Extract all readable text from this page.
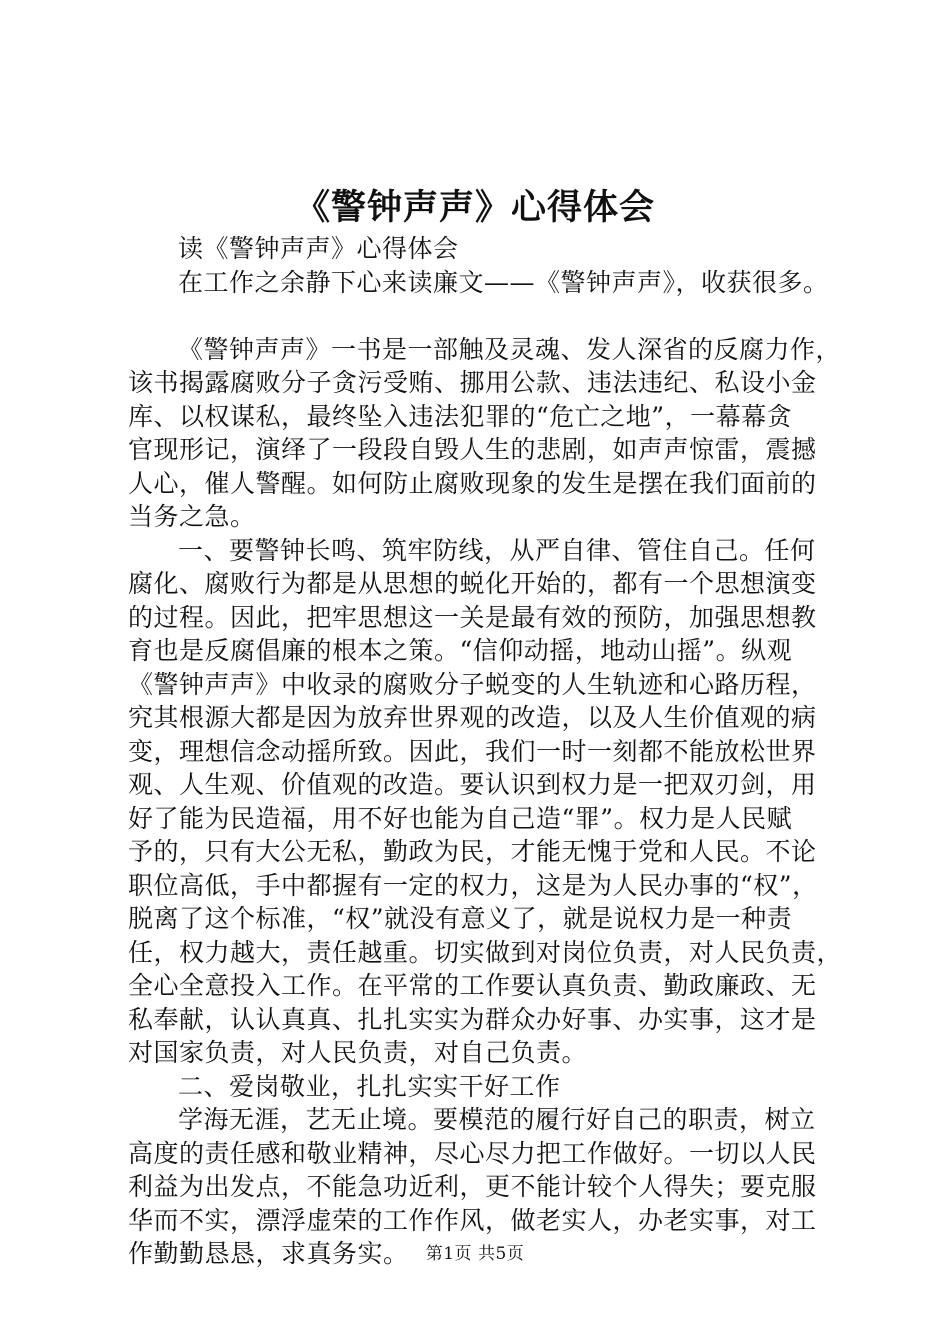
《警钟声声》心得体会
读《警钟声声》心得体会
在工作之余静下心来读廉文——《警钟声声》，收获很多。
《警钟声声》一书是一部触及灵魂、发人深省的反腐力作，
该书揭露腐败分子贪污受贿、挪用公款、违法违纪、私设小金
库、以权谋私，最终坠入违法犯罪的“危亡之地”，一幕幕贪
官现形记，演绎了一段段自毁人生的悲剧，如声声惊雷，震撼
人心，催人警醒。如何防止腐败现象的发生是摆在我们面前的
当务之急。
一、要警钟长鸣、筑牢防线，从严自律、管住自己。任何
腐化、腐败行为都是从思想的蜕化开始的，都有一个思想演变
的过程。因此，把牢思想这一关是最有效的预防，加强思想教
育也是反腐倡廉的根本之策。“信仰动摇，地动山摇”。纵观
《警钟声声》中收录的腐败分子蜕变的人生轨迹和心路历程，
究其根源大都是因为放弃世界观的改造，以及人生价值观的病
变，理想信念动摇所致。因此，我们一时一刻都不能放松世界
观、人生观、价值观的改造。要认识到权力是一把双刃剑，用
好了能为民造福，用不好也能为自己造“罪”。权力是人民赋
予的，只有大公无私，勤政为民，才能无愧于党和人民。不论
职位高低，手中都握有一定的权力，这是为人民办事的“权”，
脱离了这个标准，“权”就没有意义了，就是说权力是一种责
任，权力越大，责任越重。切实做到对岗位负责，对人民负责，
全心全意投入工作。在平常的工作要认真负责、勤政廉政、无
私奉献，认认真真、扎扎实实为群众办好事、办实事，这才是
对国家负责，对人民负责，对自己负责。
二、爱岗敬业，扎扎实实干好工作
学海无涯，艺无止境。要模范的履行好自己的职责，树立
高度的责任感和敬业精神，尽心尽力把工作做好。一切以人民
利益为出发点，不能急功近利，更不能计较个人得失；要克服
华而不实，漂浮虚荣的工作作风，做老实人，办老实事，对工
作勤勤恳恳，求真务实。	第1页 共5页
